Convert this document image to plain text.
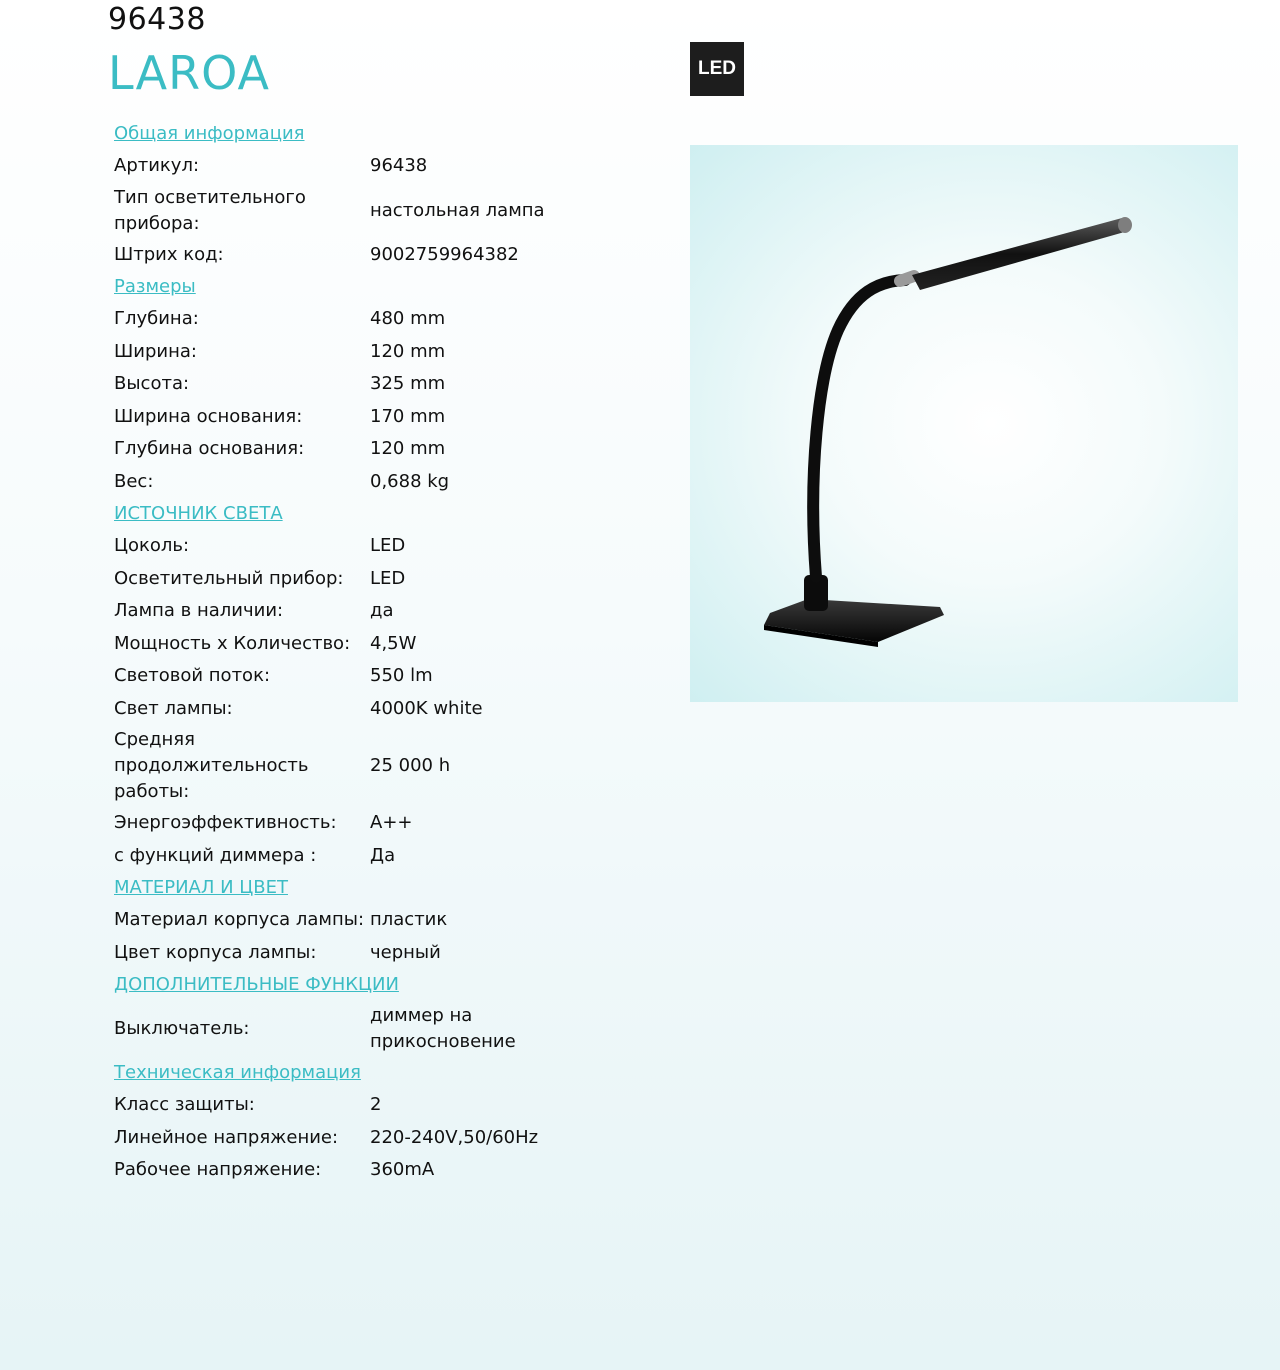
96438
LAROA	LED
Общая информация
Артикул:	96438
Тип осветительного прибора:
настольная лампа
Штрих код:	9002759964382
Размеры
Глубина:	480 mm
Ширина:	120 mm
Высота:	325 mm
Ширина основания:	170 mm
Глубина основания:	120 mm
Вес:	0,688 kg
ИСТОЧНИК СВЕТА
Цоколь:	LED
Осветительный прибор:	LED
Лампа в наличии:	да
Мощность x Количество:	4,5W
Световой поток:	550 lm
Свет лампы:	4000K white
Средняя продолжительность работы:
25 000 h
Энергоэффективность:	A++
с функций диммера :	Да
МАТЕРИАЛ И ЦВЕТ
Материал корпуса лампы: пластик
Цвет корпуса лампы:	черный
ДОПОЛНИТЕЛЬНЫЕ ФУНКЦИИ
Выключатель:
диммер на прикосновение
Техническая информация
Класс защиты:	2
Линейное напряжение:	220-240V,50/60Hz
Рабочее напряжение:	360mA
